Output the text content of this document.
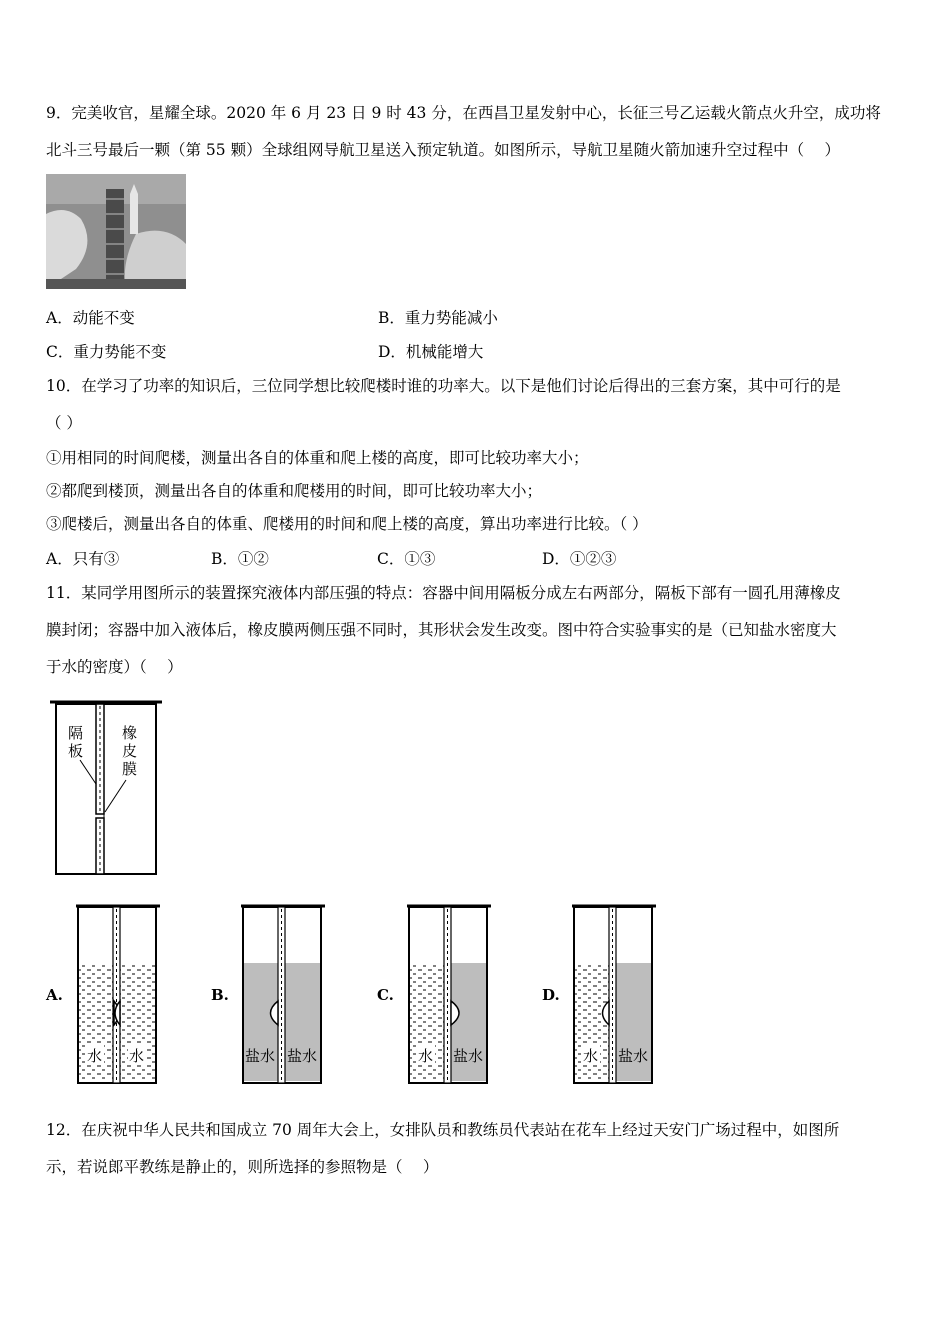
9．完美收官，星耀全球。2020 年 6 月 23 日 9 时 43 分，在西昌卫星发射中心，长征三号乙运载火箭点火升空，成功将
北斗三号最后一颗（第 55 颗）全球组网导航卫星送入预定轨道。如图所示，导航卫星随火箭加速升空过程中（　 ）
A．动能不变	B．重力势能减小
C．重力势能不变	D．机械能增大
10．在学习了功率的知识后，三位同学想比较爬楼时谁的功率大。以下是他们讨论后得出的三套方案，其中可行的是
（ ）
①用相同的时间爬楼，测量出各自的体重和爬上楼的高度，即可比较功率大小；
②都爬到楼顶，测量出各自的体重和爬楼用的时间，即可比较功率大小；
③爬楼后，测量出各自的体重、爬楼用的时间和爬上楼的高度，算出功率进行比较。（ ）
A．只有③	B．①②	C．①③	D．①②③
11．某同学用图所示的装置探究液体内部压强的特点：容器中间用隔板分成左右两部分，隔板下部有一圆孔用薄橡皮
膜封闭；容器中加入液体后，橡皮膜两侧压强不同时，其形状会发生改变。图中符合实验事实的是（已知盐水密度大
于水的密度）（　 ）
隔
板
橡
皮
膜
A.
水 水
B.
盐水 盐水
C.
水 盐水
D.
水 盐水
12．在庆祝中华人民共和国成立 70 周年大会上，女排队员和教练员代表站在花车上经过天安门广场过程中，如图所
示，若说郎平教练是静止的，则所选择的参照物是（　 ）
